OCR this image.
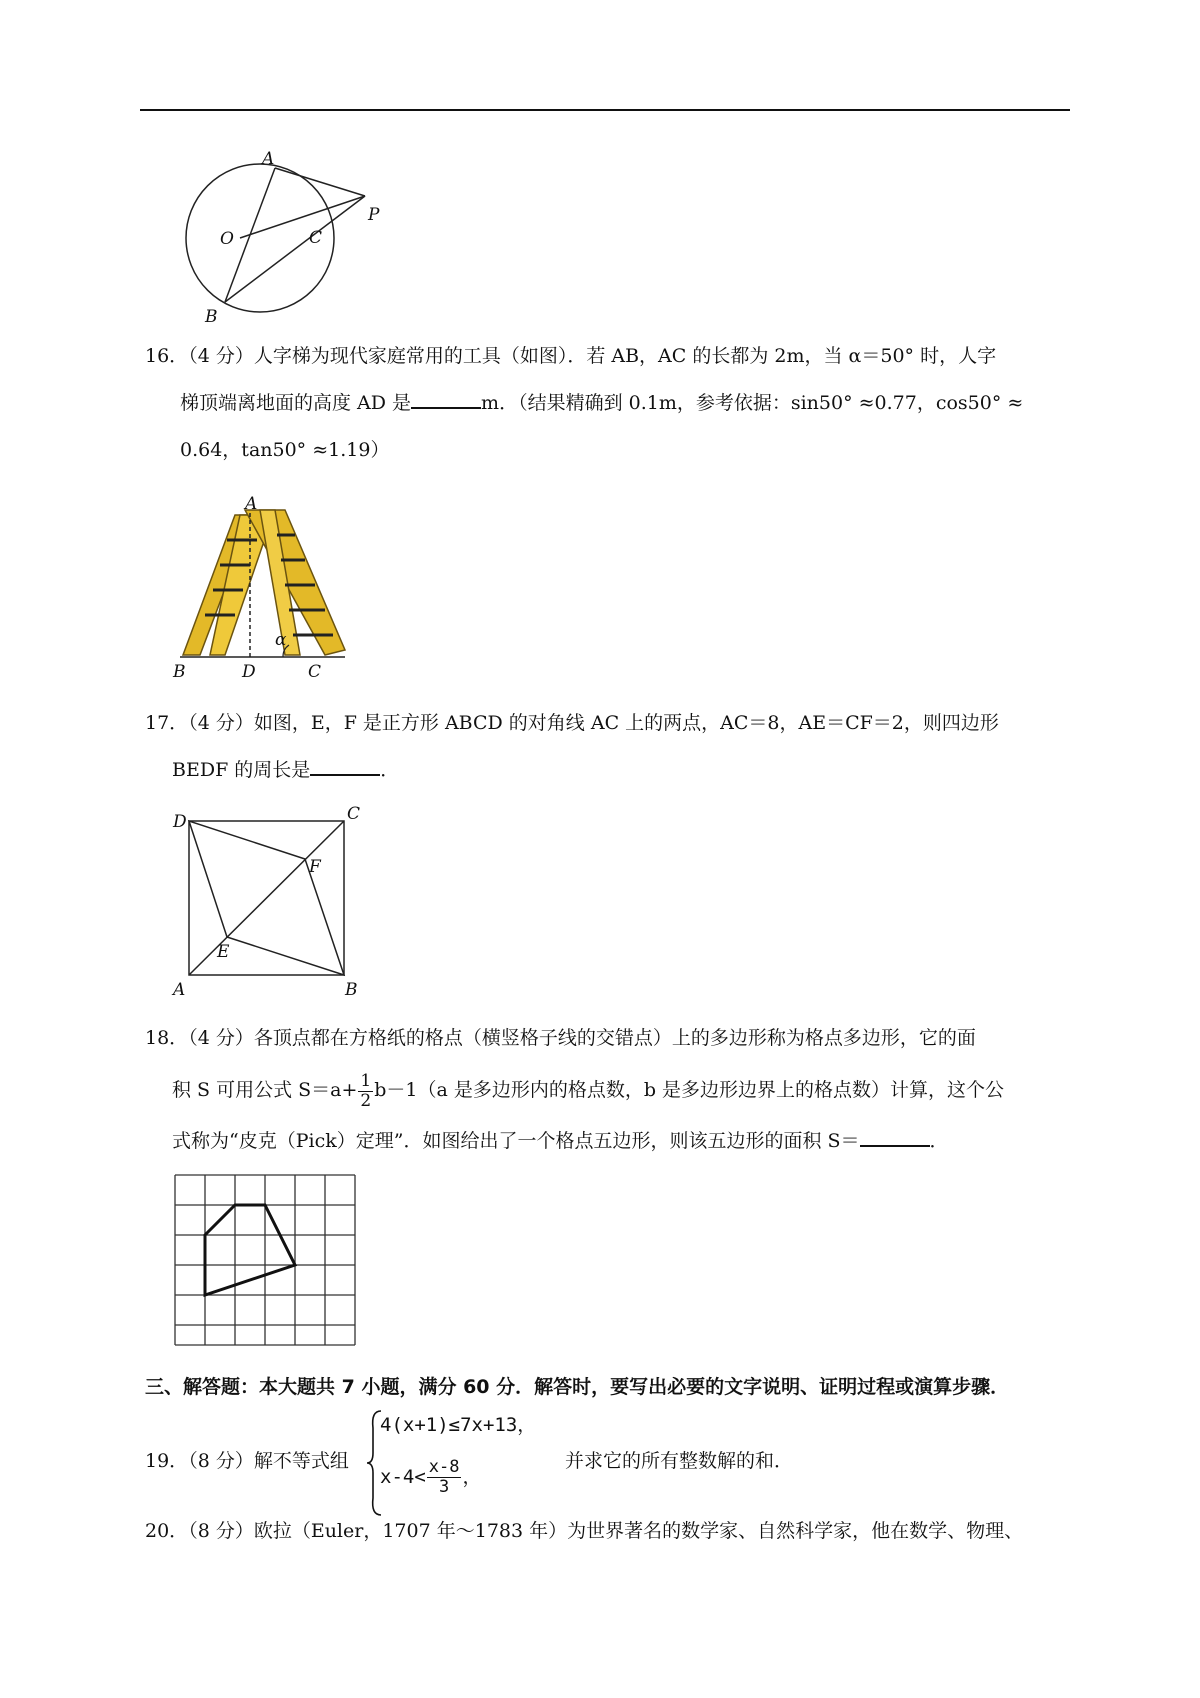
A
O	C
P
B

16．（4 分）人字梯为现代家庭常用的工具（如图）．若 AB，AC 的长都为 2m，当 α＝50° 时，人字

梯顶端离地面的高度 AD 是	m．（结果精确到 0.1m，参考依据：sin50° ≈0.77，cos50° ≈

0.64，tan50° ≈1.19）

A
B	D	C
α

17．（4 分）如图，E，F 是正方形 ABCD 的对角线 AC 上的两点，AC＝8，AE＝CF＝2，则四边形

BEDF 的周长是	．

D	C
F
E
A	B

18．（4 分）各顶点都在方格纸的格点（横竖格子线的交错点）上的多边形称为格点多边形，它的面

积 S 可用公式 $S=a+ \frac{1}{2} b-1(a$ 是多边形内的格点数，b 是多边形边界上的格点数）计算，这个公

式称为“皮克（Pick）定理”．如图给出了一个格点五边形，则该五边形的面积 S＝	．

三、解答题：本大题共 7 小题，满分 60 分．解答时，要写出必要的文字说明、证明过程或演算步骤．

19．（8 分）解不等式组

4(x+1)≤7x+13，
$x-4< \frac{x-8}{3}$ ，
并求它的所有整数解的和．

20．（8 分）欧拉（Euler，1707 年～1783 年）为世界著名的数学家、自然科学家，他在数学、物理、
